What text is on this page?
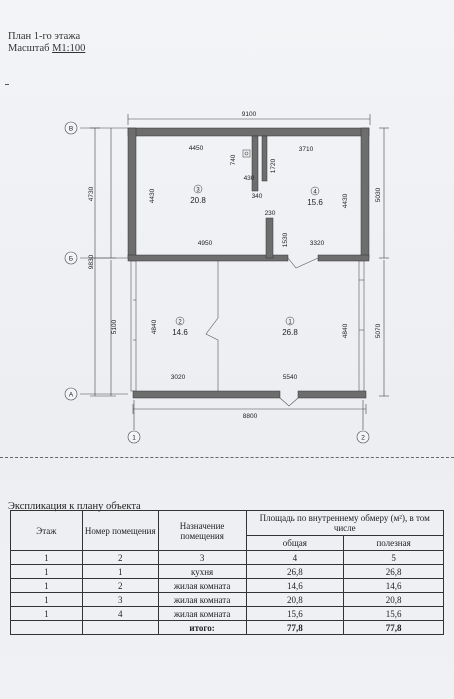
План 1-го этажа
Масштаб М1:100
В
Б
А
1	2
9100
8800
4450	3710
430
340
230
4950	3320
3020	5540
4730
9830
5100
4430	4430	5030
5070
740	1720
1530
4840	4840
3
20.8
4
15.6
2
14.6
1
26.8
Экспликация к плану объекта
Этаж	Номер помещения	Назначение помещения	Площадь по внутреннему обмеру (м²), в том числе	
			общая	полезная
1	2	3	4	5
1	1	кухня	26,8	26,8
1	2	жилая комната	14,6	14,6
1	3	жилая комната	20,8	20,8
1	4	жилая комната	15,6	15,6
		итого:	77,8	77,8
